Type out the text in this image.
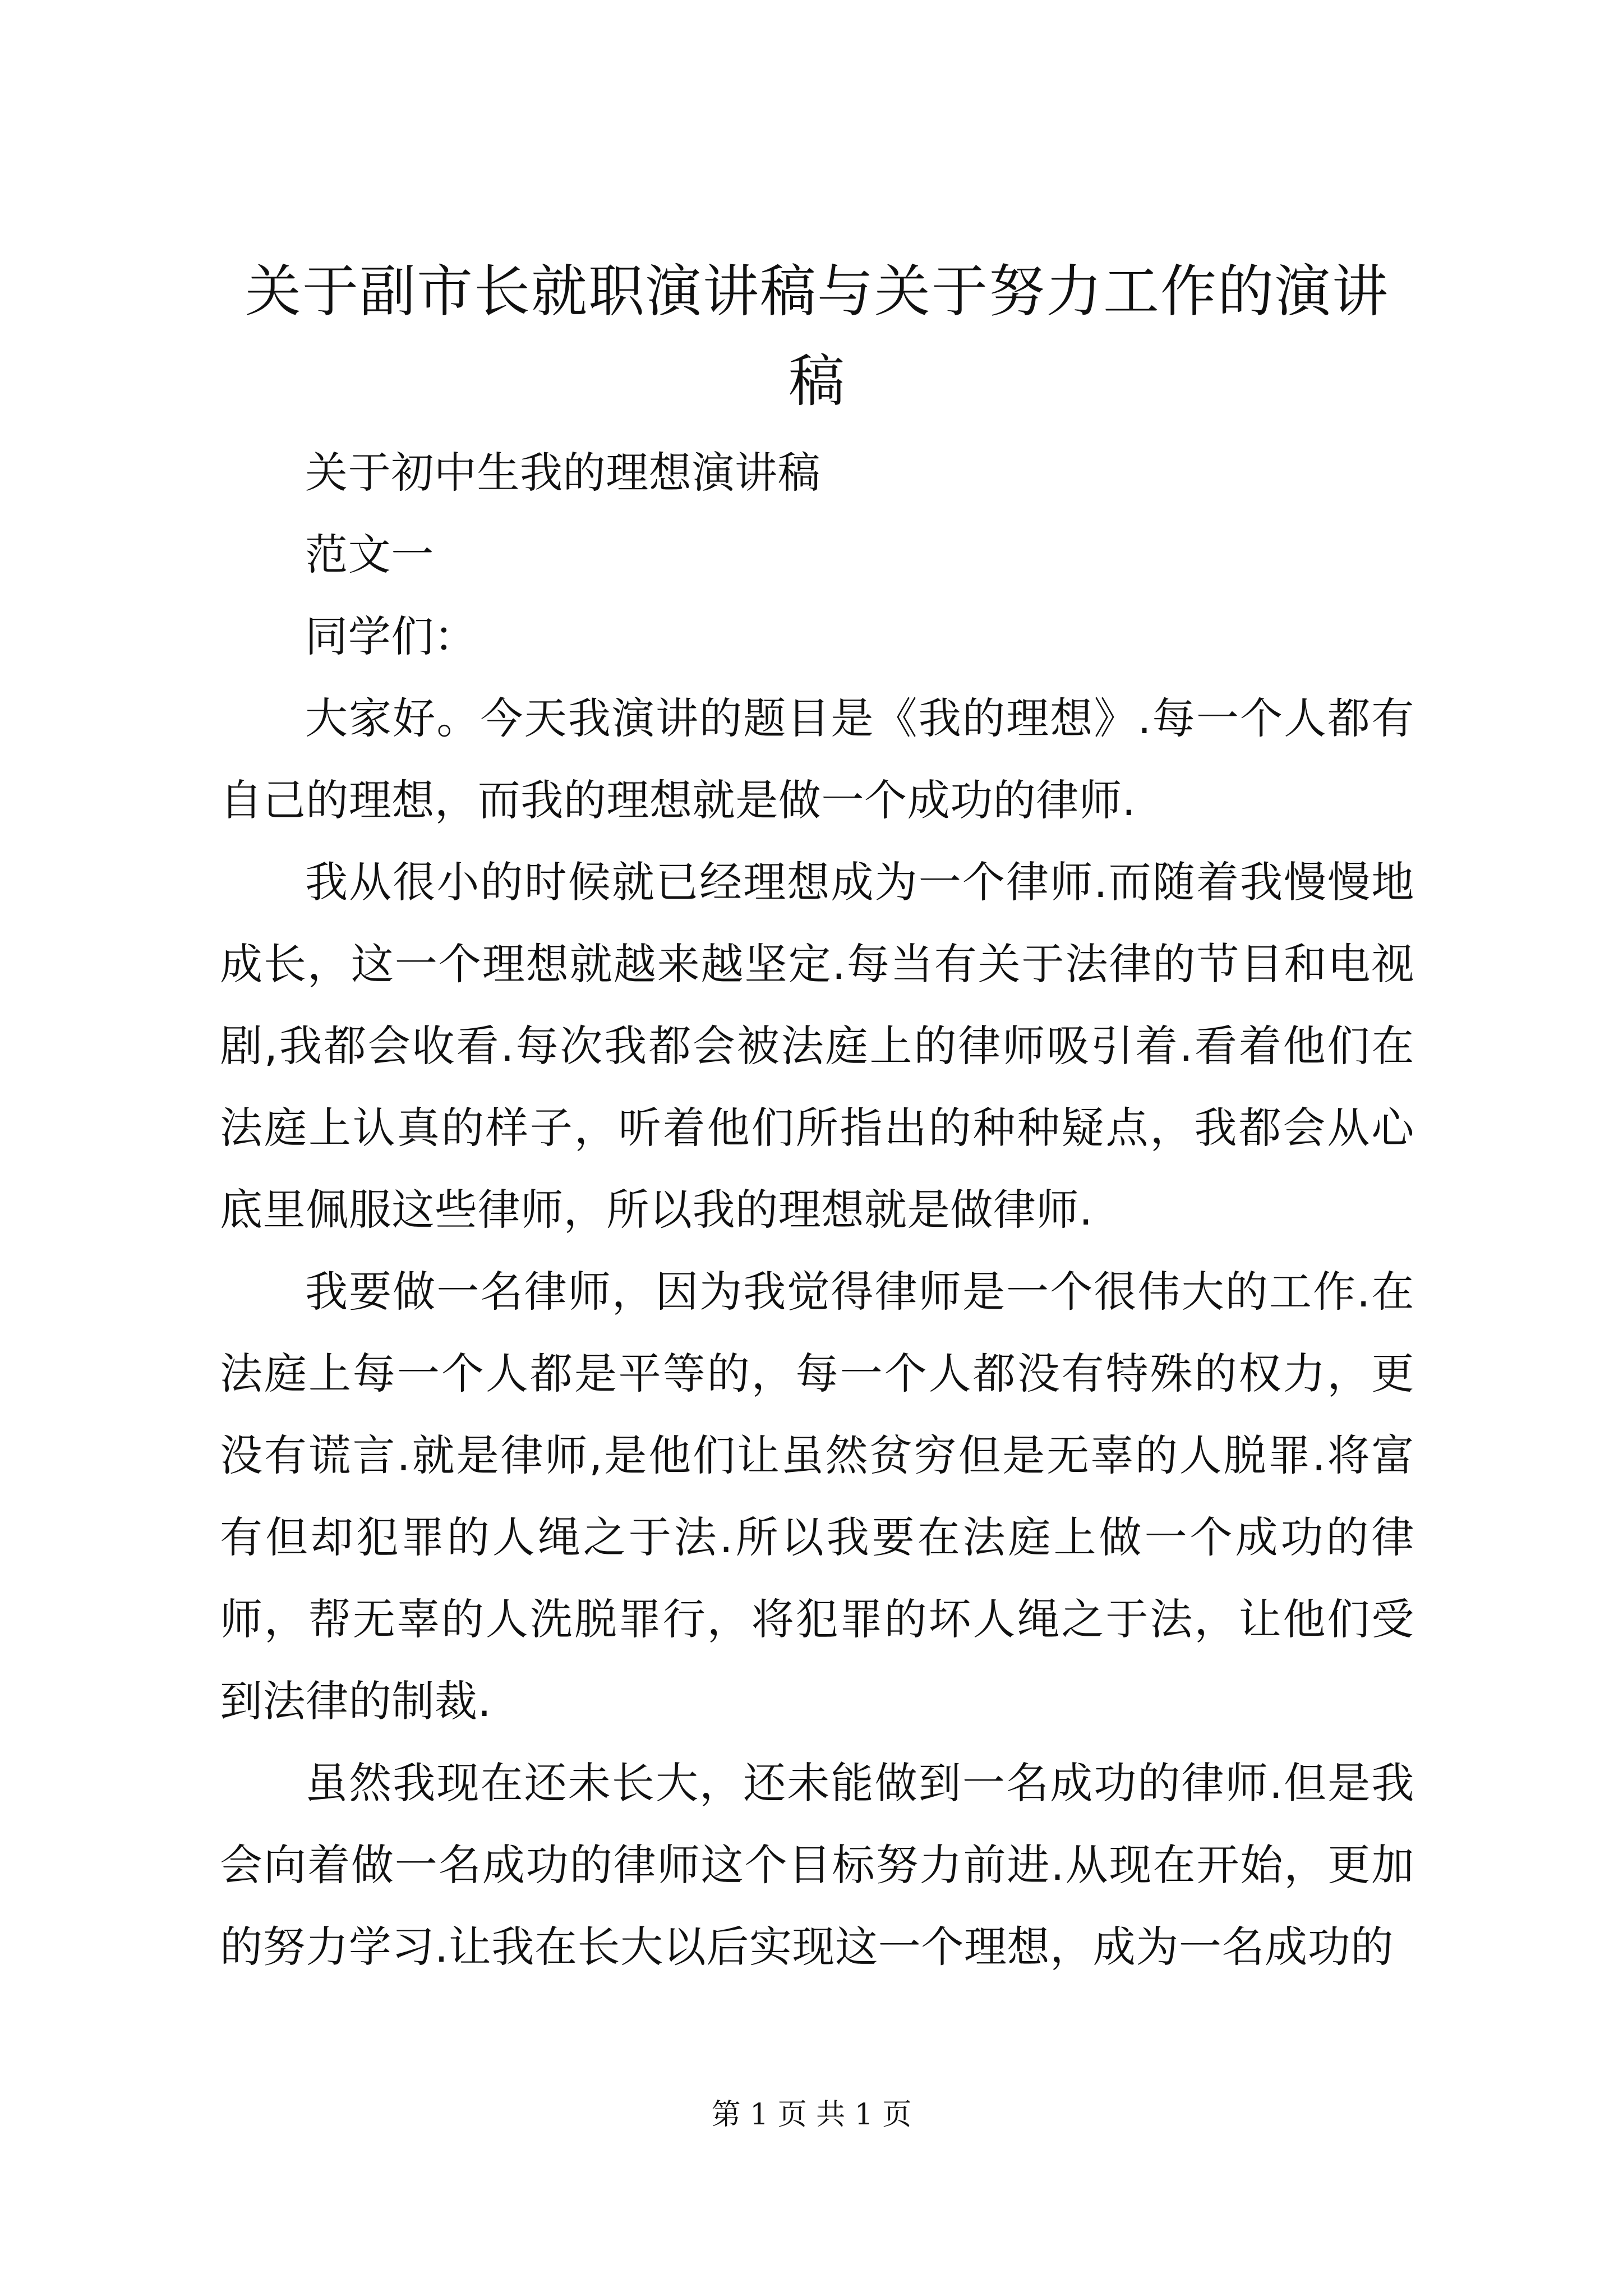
关于副市长就职演讲稿与关于努力工作的演讲
稿

关于初中生我的理想演讲稿

范文一

同学们：

大家好。今天我演讲的题目是《我的理想》.每一个人都有自己的理想，而我的理想就是做一个成功的律师.

我从很小的时候就已经理想成为一个律师.而随着我慢慢地成长，这一个理想就越来越坚定.每当有关于法律的节目和电视剧,我都会收看.每次我都会被法庭上的律师吸引着.看着他们在法庭上认真的样子，听着他们所指出的种种疑点，我都会从心底里佩服这些律师，所以我的理想就是做律师.

我要做一名律师，因为我觉得律师是一个很伟大的工作.在法庭上每一个人都是平等的，每一个人都没有特殊的权力，更没有谎言.就是律师,是他们让虽然贫穷但是无辜的人脱罪.将富有但却犯罪的人绳之于法.所以我要在法庭上做一个成功的律师，帮无辜的人洗脱罪行，将犯罪的坏人绳之于法，让他们受到法律的制裁.

虽然我现在还未长大，还未能做到一名成功的律师.但是我会向着做一名成功的律师这个目标努力前进.从现在开始，更加的努力学习.让我在长大以后实现这一个理想，成为一名成功的

第 1 页 共 1 页
